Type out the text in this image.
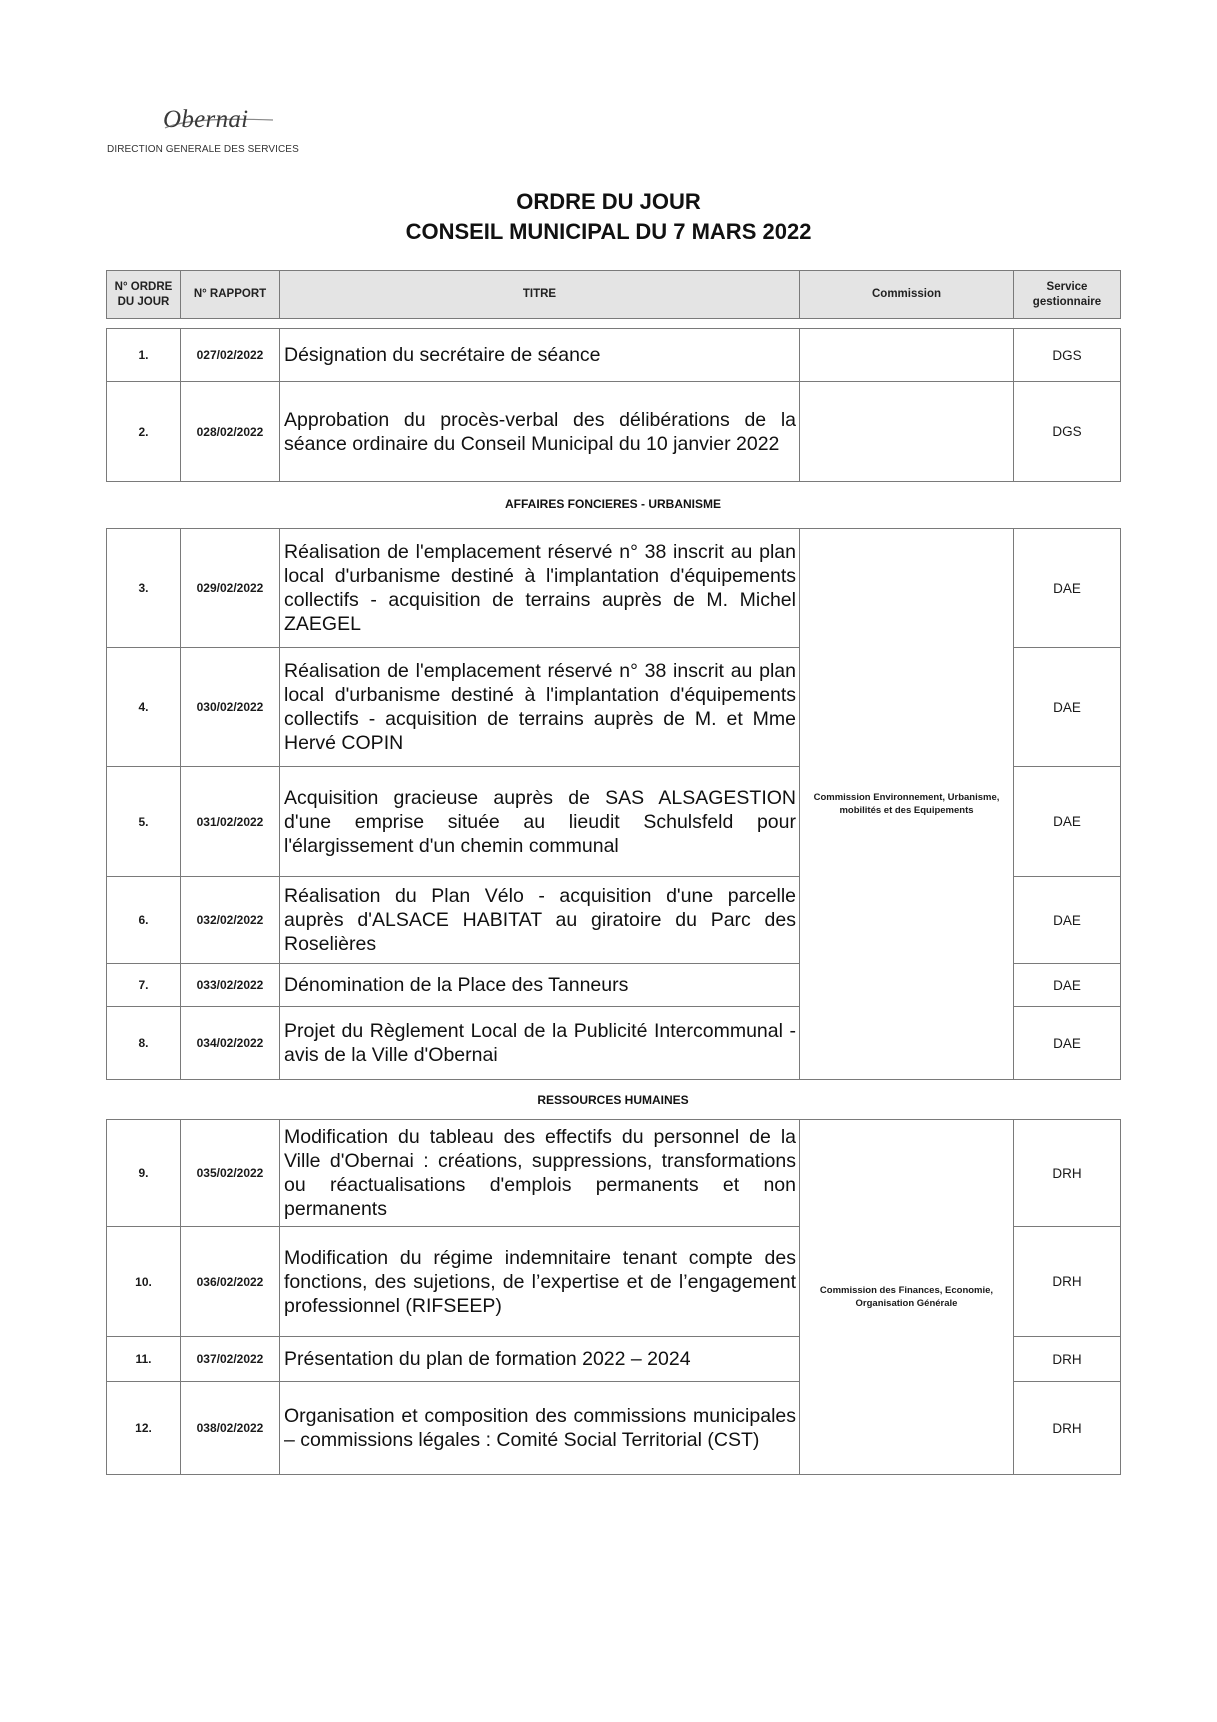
Obernai
DIRECTION GENERALE DES SERVICES
ORDRE DU JOUR
CONSEIL MUNICIPAL DU 7 MARS 2022
N° ORDRE DU JOUR	N° RAPPORT	TITRE	Commission	Service gestionnaire
1.	027/02/2022	Désignation du secrétaire de séance		DGS
2.	028/02/2022	Approbation du procès-verbal des délibérations de la séance ordinaire du Conseil Municipal du 10 janvier 2022		DGS
AFFAIRES FONCIERES - URBANISME
3.	029/02/2022	Réalisation de l'emplacement réservé n° 38 inscrit au plan local d'urbanisme destiné à l'implantation d'équipements collectifs - acquisition de terrains auprès de M. Michel ZAEGEL	Commission Environnement, Urbanisme, mobilités et des Equipements	DAE
4.	030/02/2022	Réalisation de l'emplacement réservé n° 38 inscrit au plan local d'urbanisme destiné à l'implantation d'équipements collectifs - acquisition de terrains auprès de M. et Mme Hervé COPIN		DAE
5.	031/02/2022	Acquisition gracieuse auprès de SAS ALSAGESTION d'une emprise située au lieudit Schulsfeld pour l'élargissement d'un chemin communal		DAE
6.	032/02/2022	Réalisation du Plan Vélo - acquisition d'une parcelle auprès d'ALSACE HABITAT au giratoire du Parc des Roselières		DAE
7.	033/02/2022	Dénomination de la Place des Tanneurs		DAE
8.	034/02/2022	Projet du Règlement Local de la Publicité Intercommunal - avis de la Ville d'Obernai		DAE
RESSOURCES HUMAINES
9.	035/02/2022	Modification du tableau des effectifs du personnel de la Ville d'Obernai : créations, suppressions, transformations ou réactualisations d'emplois permanents et non permanents	Commission des Finances, Economie, Organisation Générale	DRH
10.	036/02/2022	Modification du régime indemnitaire tenant compte des fonctions, des sujetions, de l’expertise et de l’engagement professionnel (RIFSEEP)		DRH
11.	037/02/2022	Présentation du plan de formation 2022 – 2024		DRH
12.	038/02/2022	Organisation et composition des commissions municipales – commissions légales : Comité Social Territorial (CST)		DRH
